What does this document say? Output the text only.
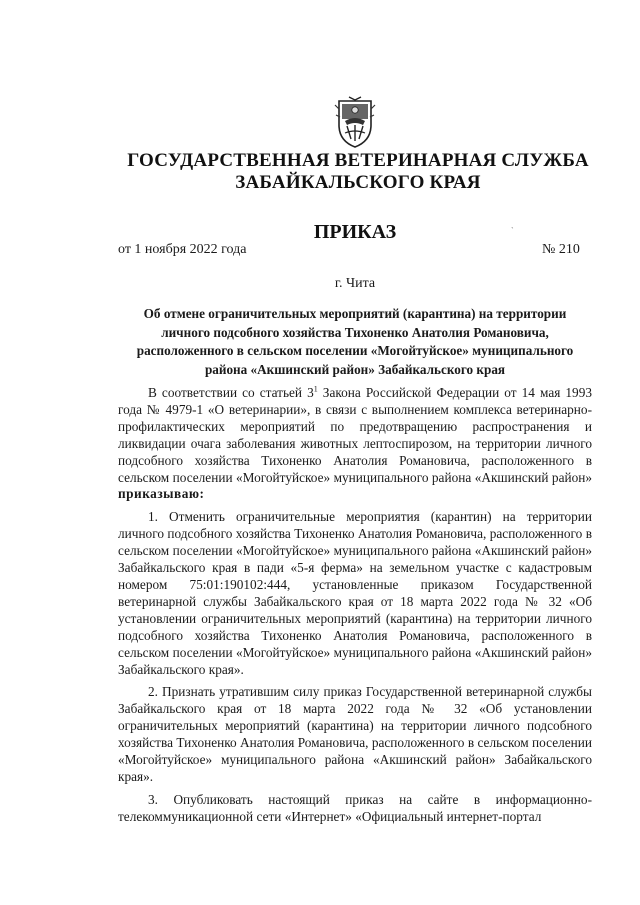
ГОСУДАРСТВЕННАЯ ВЕТЕРИНАРНАЯ СЛУЖБА
ЗАБАЙКАЛЬСКОГО КРАЯ
ПРИКАЗ	`
от 1 ноября 2022 года	№ 210
г. Чита
Об отмене ограничительных мероприятий (карантина) на территории личного подсобного хозяйства Тихоненко Анатолия Романовича, расположенного в сельском поселении «Могойтуйское» муниципального района «Акшинский район» Забайкальского края

В соответствии со статьей $3^1$ Закона Российской Федерации от 14 мая 1993 года № 4979-1 «О ветеринарии», в связи с выполнением комплекса ветеринарно-профилактических мероприятий по предотвращению распространения и ликвидации очага заболевания животных лептоспирозом, на территории личного подсобного хозяйства Тихоненко Анатолия Романовича, расположенного в сельском поселении «Могойтуйское» муниципального района «Акшинский район» приказываю:

1. Отменить ограничительные мероприятия (карантин) на территории личного подсобного хозяйства Тихоненко Анатолия Романовича, расположенного в сельском поселении «Могойтуйское» муниципального района «Акшинский район» Забайкальского края в пади «5-я ферма» на земельном участке с кадастровым номером 75:01:190102:444, установленные приказом Государственной ветеринарной службы Забайкальского края от 18 марта 2022 года № 32 «Об установлении ограничительных мероприятий (карантина) на территории личного подсобного хозяйства Тихоненко Анатолия Романовича, расположенного в сельском поселении «Могойтуйское» муниципального района «Акшинский район» Забайкальского края».

2. Признать утратившим силу приказ Государственной ветеринарной службы Забайкальского края от 18 марта 2022 года № 32 «Об установлении ограничительных мероприятий (карантина) на территории личного подсобного хозяйства Тихоненко Анатолия Романовича, расположенного в сельском поселении «Могойтуйское» муниципального района «Акшинский район» Забайкальского края».

3. Опубликовать настоящий приказ на сайте в информационно-телекоммуникационной сети «Интернет» «Официальный интернет-портал
